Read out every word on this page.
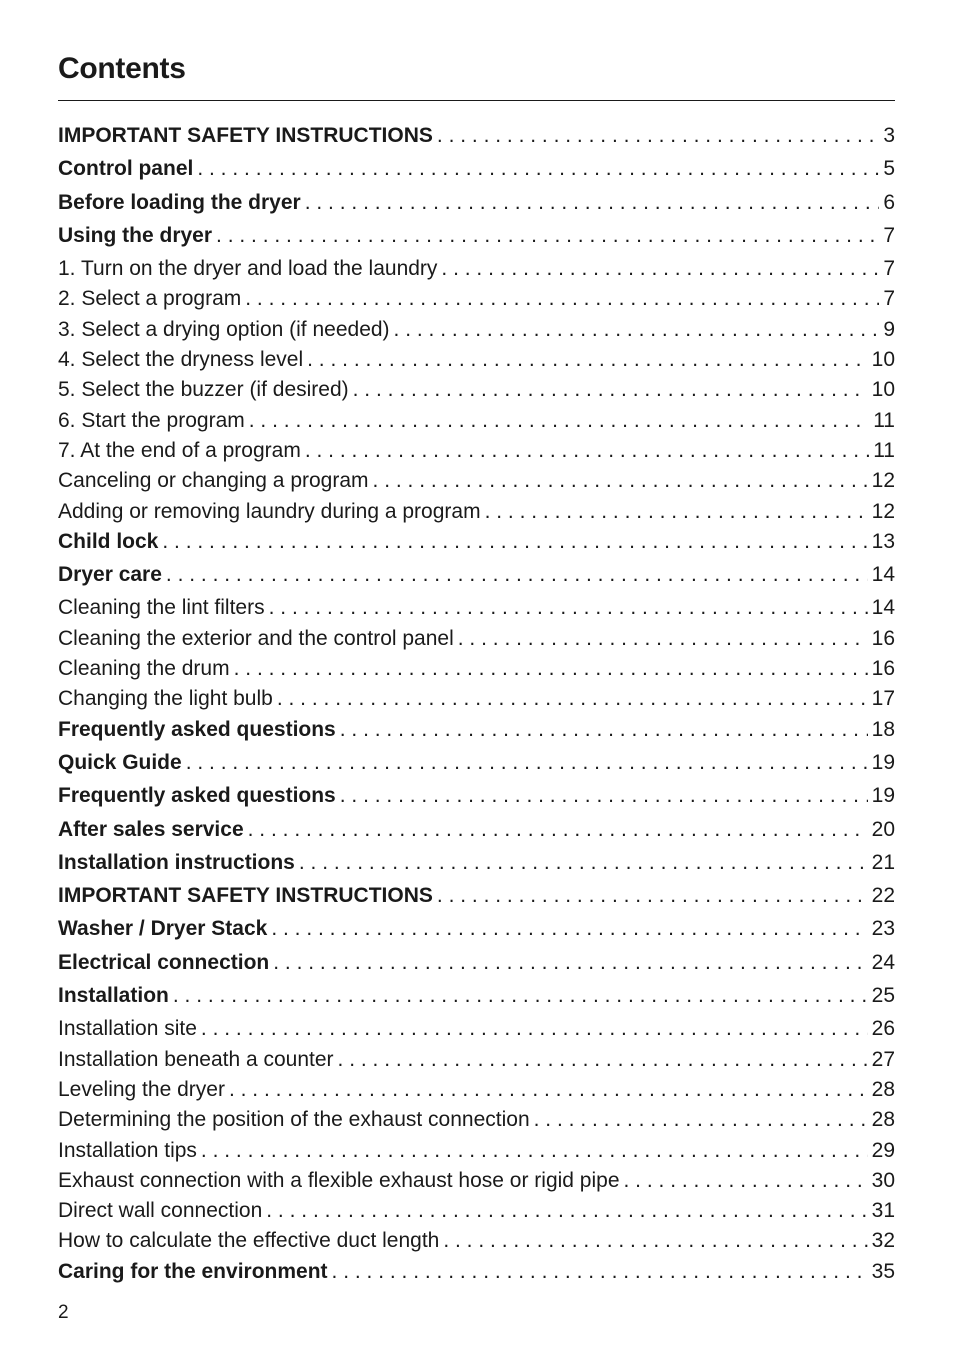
Contents
IMPORTANT SAFETY INSTRUCTIONS . . .	3
Control panel . . .	5
Before loading the dryer . . .	6
Using the dryer . . .	7
1. Turn on the dryer and load the laundry . . .	7
2. Select a program . . .	7
3. Select a drying option (if needed) . . .	9
4. Select the dryness level . . .	10
5. Select the buzzer (if desired) . . .	10
6. Start the program . . .	11
7. At the end of a program . . .	11
Canceling or changing a program . . .	12
Adding or removing laundry during a program . . .	12
Child lock . . .	13
Dryer care . . .	14
Cleaning the lint filters . . .	14
Cleaning the exterior and the control panel . . .	16
Cleaning the drum . . .	16
Changing the light bulb . . .	17
Frequently asked questions . . .	18
Quick Guide . . .	19
Frequently asked questions . . .	19
After sales service . . .	20
Installation instructions . . .	21
IMPORTANT SAFETY INSTRUCTIONS . . .	22
Washer / Dryer Stack . . .	23
Electrical connection . . .	24
Installation . . .	25
Installation site . . .	26
Installation beneath a counter . . .	27
Leveling the dryer . . .	28
Determining the position of the exhaust connection . . .	28
Installation tips . . .	29
Exhaust connection with a flexible exhaust hose or rigid pipe . . .	30
Direct wall connection . . .	31
How to calculate the effective duct length . . .	32
Caring for the environment . . .	35
2
